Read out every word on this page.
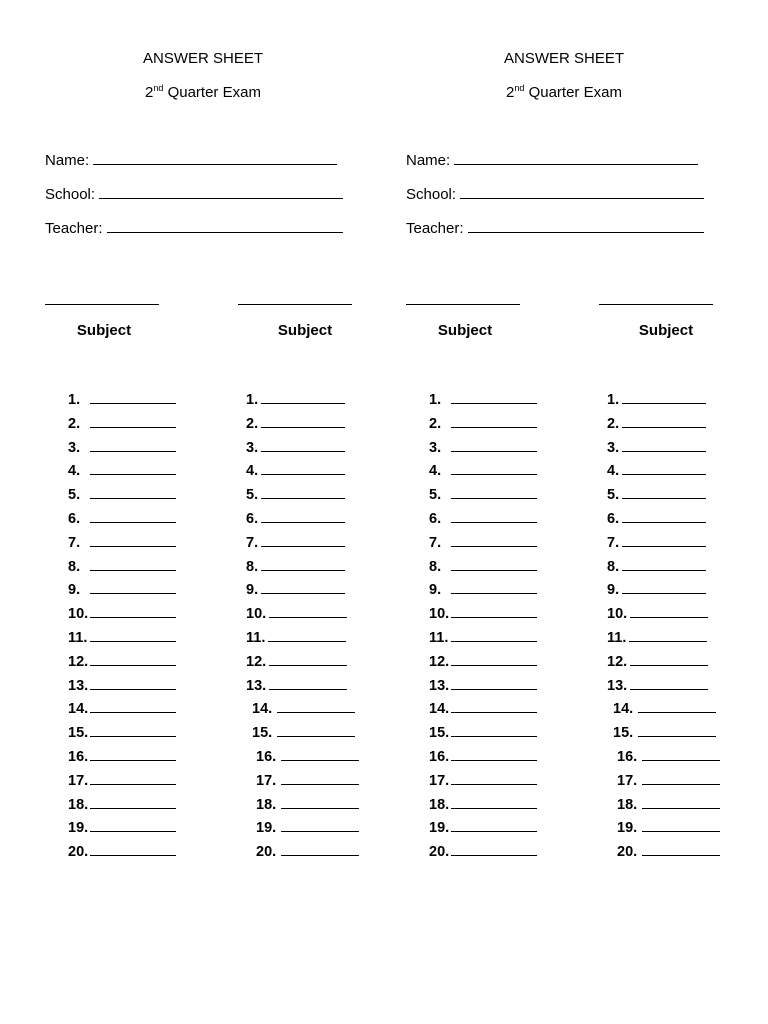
ANSWER SHEET
2nd Quarter Exam
Name:
School:
Teacher:
Subject	Subject
1.
2.
3.
4.
5.
6.
7.
8.
9.
10.
11.
12.
13.
14.
15.
16.
17.
18.
19.
20.
1.
2.
3.
4.
5.
6.
7.
8.
9.
10.
11.
12.
13.
14.
15.
16.
17.
18.
19.
20.
ANSWER SHEET
2nd Quarter Exam
Name:
School:
Teacher:
Subject	Subject
1.
2.
3.
4.
5.
6.
7.
8.
9.
10.
11.
12.
13.
14.
15.
16.
17.
18.
19.
20.
1.
2.
3.
4.
5.
6.
7.
8.
9.
10.
11.
12.
13.
14.
15.
16.
17.
18.
19.
20.
